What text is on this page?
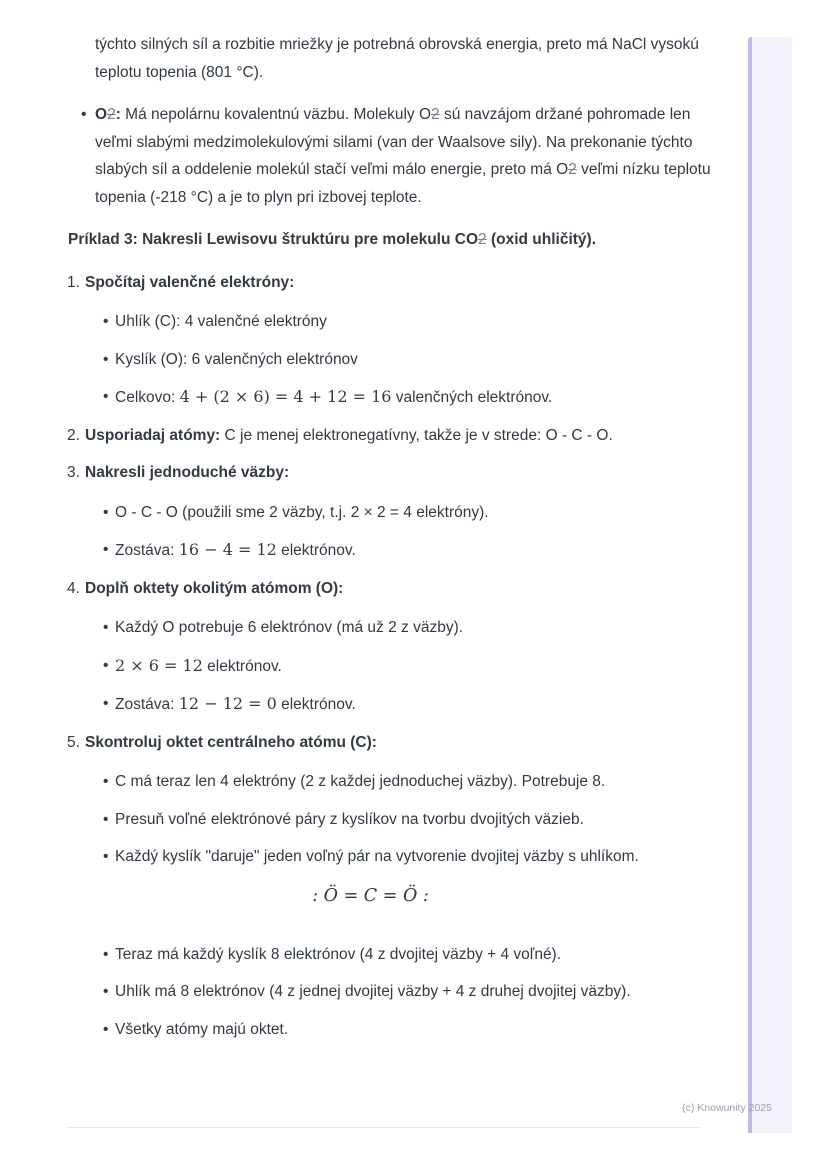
týchto silných síl a rozbitie mriežky je potrebná obrovská energia, preto má NaCl vysokú teplotu topenia (801 °C).
• O2: Má nepolárnu kovalentnú väzbu. Molekuly O2 sú navzájom držané pohromade len veľmi slabými medzimolekulovými silami (van der Waalsove sily). Na prekonanie týchto slabých síl a oddelenie molekúl stačí veľmi málo energie, preto má O2 veľmi nízku teplotu topenia (-218 °C) a je to plyn pri izbovej teplote.
Príklad 3: Nakresli Lewisovu štruktúru pre molekulu CO2 (oxid uhličitý).
1. Spočítaj valenčné elektróny:
• Uhlík (C): 4 valenčné elektróny
• Kyslík (O): 6 valenčných elektrónov
• Celkovo: 4 + (2 × 6) = 4 + 12 = 16 valenčných elektrónov.
2. Usporiadaj atómy: C je menej elektronegatívny, takže je v strede: O - C - O.
3. Nakresli jednoduché väzby:
• O - C - O (použili sme 2 väzby, t.j. 2 × 2 = 4 elektróny).
• Zostáva: 16 − 4 = 12 elektrónov.
4. Doplň oktety okolitým atómom (O):
• Každý O potrebuje 6 elektrónov (má už 2 z väzby).
• 2 × 6 = 12 elektrónov.
• Zostáva: 12 − 12 = 0 elektrónov.
5. Skontroluj oktet centrálneho atómu (C):
• C má teraz len 4 elektróny (2 z každej jednoduchej väzby). Potrebuje 8.
• Presuň voľné elektrónové páry z kyslíkov na tvorbu dvojitých väzieb.
• Každý kyslík "daruje" jeden voľný pár na vytvorenie dvojitej väzby s uhlíkom.
: Ö = C = Ö :
• Teraz má každý kyslík 8 elektrónov (4 z dvojitej väzby + 4 voľné).
• Uhlík má 8 elektrónov (4 z jednej dvojitej väzby + 4 z druhej dvojitej väzby).
• Všetky atómy majú oktet.
(c) Knowunity 2025
